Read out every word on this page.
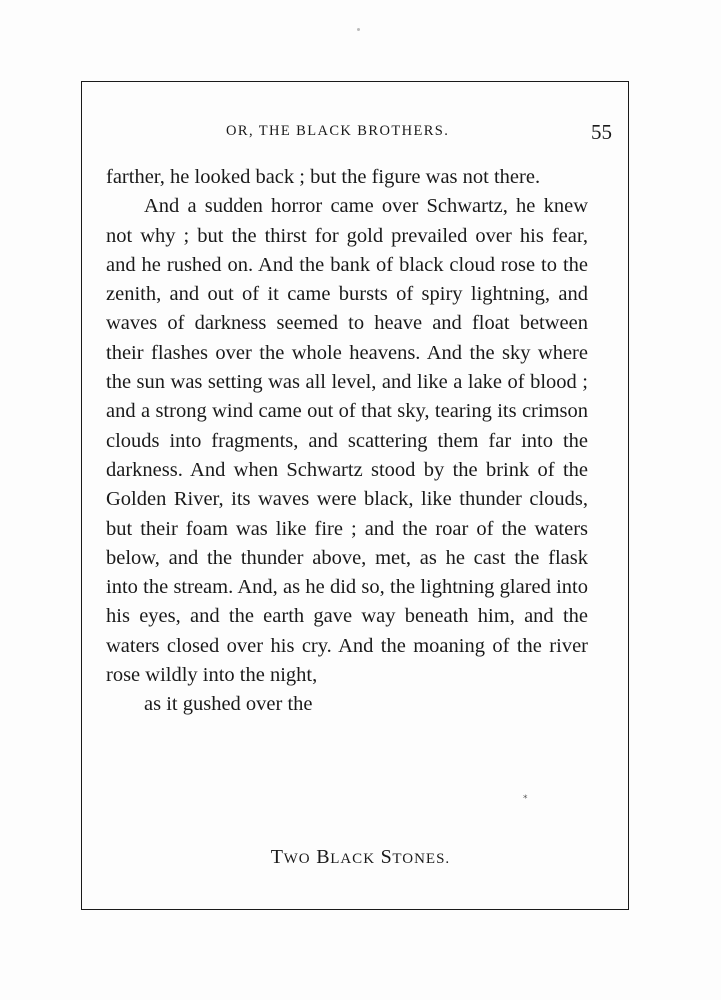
OR, THE BLACK BROTHERS.	55

farther, he looked back ; but the figure was not there.

And a sudden horror came over Schwartz, he knew not why ; but the thirst for gold prevailed over his fear, and he rushed on. And the bank of black cloud rose to the zenith, and out of it came bursts of spiry lightning, and waves of darkness seemed to heave and float between their flashes over the whole heavens. And the sky where the sun was setting was all level, and like a lake of blood ; and a strong wind came out of that sky, tearing its crimson clouds into fragments, and scattering them far into the darkness. And when Schwartz stood by the brink of the Golden River, its waves were black, like thunder clouds, but their foam was like fire ; and the roar of the waters below, and the thunder above, met, as he cast the flask into the stream. And, as he did so, the lightning glared into his eyes, and the earth gave way beneath him, and the waters closed over his cry. And the moaning of the river rose wildly into the night,
as it gushed over the

*
TWO BLACK STONES.
